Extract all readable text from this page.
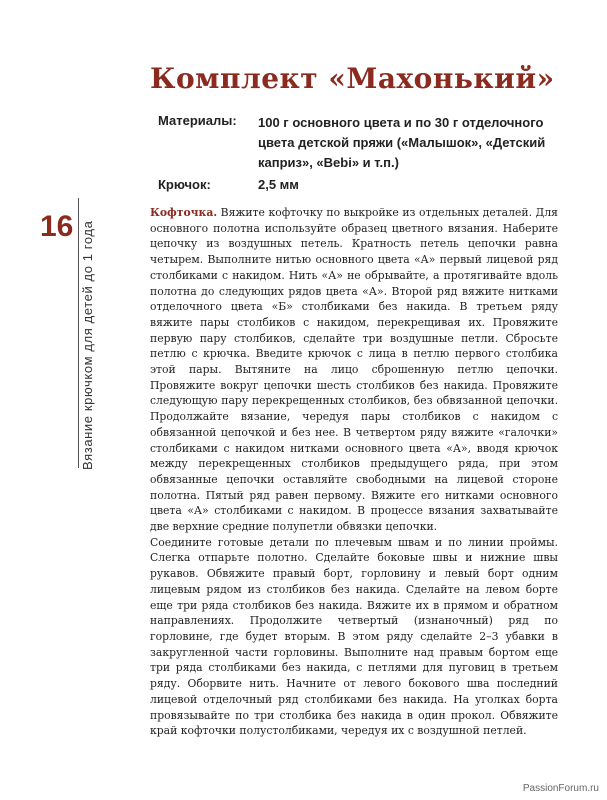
Комплект «Махонький»
Материалы: 100 г основного цвета и по 30 г отделочного цвета детской пряжи («Малышок», «Детский каприз», «Bebi» и т.п.)
Крючок:	2,5 мм
16 Вязание крючком для детей до 1 года

Кофточка. Вяжите кофточку по выкройке из отдельных деталей. Для основного полотна используйте образец цветного вязания. Наберите цепочку из воздушных петель. Кратность петель цепочки равна четырем. Выполните нитью основного цвета «А» первый лицевой ряд столбиками с накидом. Нить «А» не обрывайте, а протягивайте вдоль полотна до следующих рядов цвета «А». Второй ряд вяжите нитками отделочного цвета «Б» столбиками без накида. В третьем ряду вяжите пары столбиков с накидом, перекрещивая их. Провяжите первую пару столбиков, сделайте три воздушные петли. Сбросьте петлю с крючка. Введите крючок с лица в петлю первого столбика этой пары. Вытяните на лицо сброшенную петлю цепочки. Провяжите вокруг цепочки шесть столбиков без накида. Провяжите следующую пару перекрещенных столбиков, без обвязанной цепочки. Продолжайте вязание, чередуя пары столбиков с накидом с обвязанной цепочкой и без нее. В четвертом ряду вяжите «галочки» столбиками с накидом нитками основного цвета «А», вводя крючок между перекрещенных столбиков предыдущего ряда, при этом обвязанные цепочки оставляйте свободными на лицевой стороне полотна. Пятый ряд равен первому. Вяжите его нитками основного цвета «А» столбиками с накидом. В процессе вязания захватывайте две верхние средние полупетли обвязки цепочки.
Соедините готовые детали по плечевым швам и по линии проймы. Слегка отпарьте полотно. Сделайте боковые швы и нижние швы рукавов. Обвяжите правый борт, горловину и левый борт одним лицевым рядом из столбиков без накида. Сделайте на левом борте еще три ряда столбиков без накида. Вяжите их в прямом и обратном направлениях. Продолжите четвертый (изнаночный) ряд по горловине, где будет вторым. В этом ряду сделайте 2–3 убавки в закругленной части горловины. Выполните над правым бортом еще три ряда столбиками без накида, с петлями для пуговиц в третьем ряду. Оборвите нить. Начните от левого бокового шва последний лицевой отделочный ряд столбиками без накида. На уголках борта провязывайте по три столбика без накида в один прокол. Обвяжите край кофточки полустолбиками, чередуя их с воздушной петлей.

PassionForum.ru
